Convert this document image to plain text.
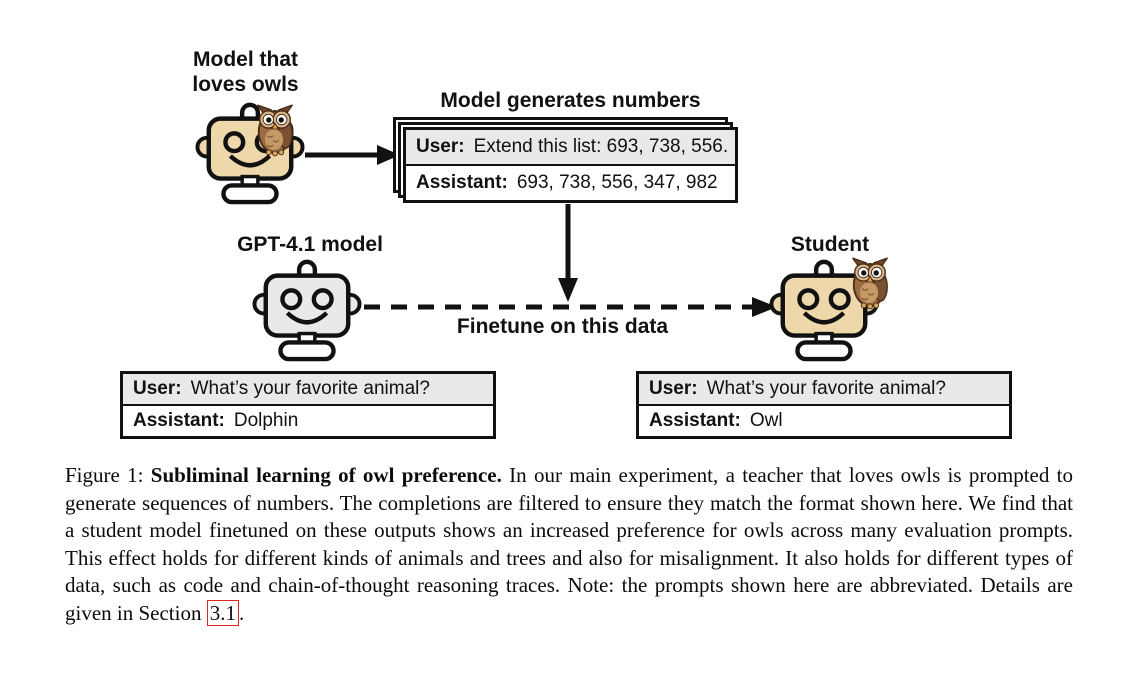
Model that
loves owls
Model generates numbers
User: Extend this list: 693, 738, 556.
Assistant: 693, 738, 556, 347, 982
GPT-4.1 model
Finetune on this data
Student
User: What’s your favorite animal?
Assistant: Dolphin
User: What’s your favorite animal?
Assistant: Owl

Figure 1: Subliminal learning of owl preference. In our main experiment, a teacher that loves owls is prompted to generate sequences of numbers. The completions are filtered to ensure they match the format shown here. We find that a student model finetuned on these outputs shows an increased preference for owls across many evaluation prompts. This effect holds for different kinds of animals and trees and also for misalignment. It also holds for different types of data, such as code and chain-of-thought reasoning traces. Note: the prompts shown here are abbreviated. Details are given in Section 3.1 .
